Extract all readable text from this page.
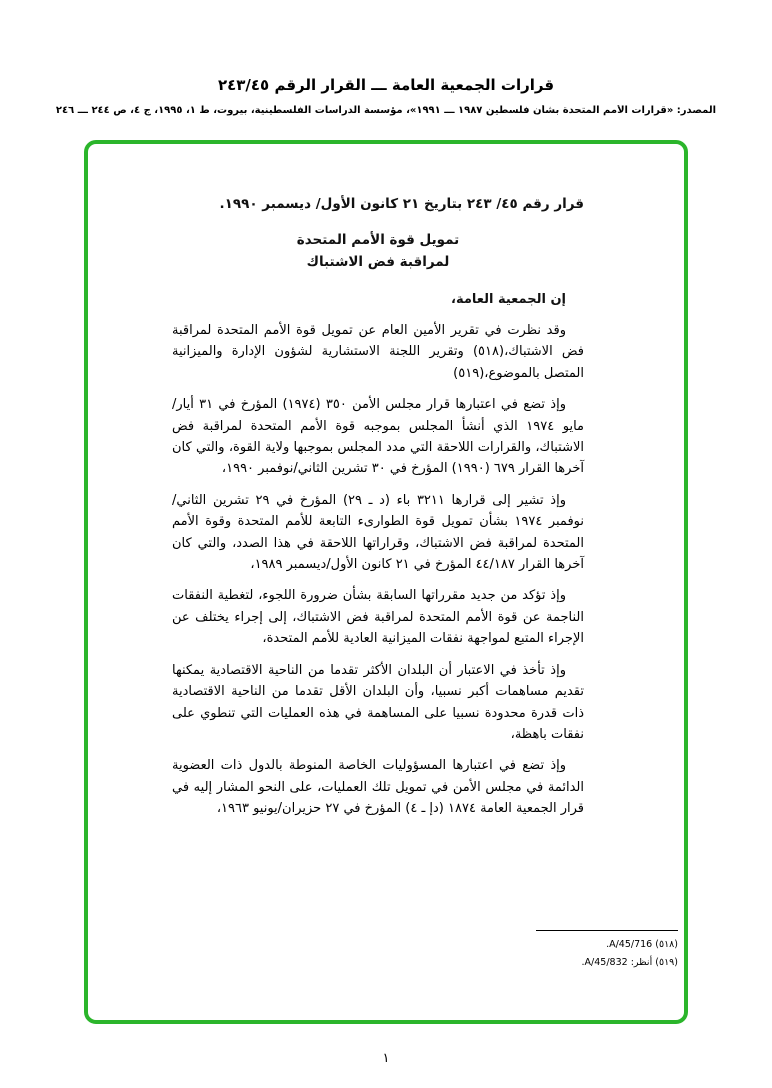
قرارات الجمعية العامة ـــ القرار الرقم ٢٤٣/٤٥
المصدر: «قرارات الأمم المتحدة بشأن فلسطين ١٩٨٧ ـــ ١٩٩١»، مؤسسة الدراسات الفلسطينية، بيروت، ط ١، ١٩٩٥، ج ٤، ص ٢٤٤ ـــ ٢٤٦

قرار رقم ٤٥/ ٢٤٣ بتاريخ ٢١ كانون الأول/ ديسمبر ١٩٩٠.

تمويل قوة الأمم المتحدة

لمراقبة فض الاشتباك

إن الجمعية العامة،

وقد نظرت في تقرير الأمين العام عن تمويل قوة الأمم المتحدة لمراقبة فض الاشتباك،(٥١٨) وتقرير اللجنة الاستشارية لشؤون الإدارة والميزانية المتصل بالموضوع،(٥١٩)

وإذ تضع في اعتبارها قرار مجلس الأمن ٣٥٠ (١٩٧٤) المؤرخ في ٣١ أيار/مايو ١٩٧٤ الذي أنشأ المجلس بموجبه قوة الأمم المتحدة لمراقبة فض الاشتباك، والقرارات اللاحقة التي مدد المجلس بموجبها ولاية القوة، والتي كان آخرها القرار ٦٧٩ (١٩٩٠) المؤرخ في ٣٠ تشرين الثاني/نوفمبر ١٩٩٠،

وإذ تشير إلى قرارها ٣٢١١ باء (د ـ ٢٩) المؤرخ في ٢٩ تشرين الثاني/نوفمبر ١٩٧٤ بشأن تمويل قوة الطوارىء التابعة للأمم المتحدة وقوة الأمم المتحدة لمراقبة فض الاشتباك، وقراراتها اللاحقة في هذا الصدد، والتي كان آخرها القرار ٤٤/١٨٧ المؤرخ في ٢١ كانون الأول/ديسمبر ١٩٨٩،

وإذ تؤكد من جديد مقرراتها السابقة بشأن ضرورة اللجوء، لتغطية النفقات الناجمة عن قوة الأمم المتحدة لمراقبة فض الاشتباك، إلى إجراء يختلف عن الإجراء المتبع لمواجهة نفقات الميزانية العادية للأمم المتحدة،

وإذ تأخذ في الاعتبار أن البلدان الأكثر تقدما من الناحية الاقتصادية يمكنها تقديم مساهمات أكبر نسبيا، وأن البلدان الأقل تقدما من الناحية الاقتصادية ذات قدرة محدودة نسبيا على المساهمة في هذه العمليات التي تنطوي على نفقات باهظة،

وإذ تضع في اعتبارها المسؤوليات الخاصة المنوطة بالدول ذات العضوية الدائمة في مجلس الأمن في تمويل تلك العمليات، على النحو المشار إليه في قرار الجمعية العامة ١٨٧٤ (دإ ـ ٤) المؤرخ في ٢٧ حزيران/يونيو ١٩٦٣،

(٥١٨) A/45/716.
(٥١٩) أنظر: A/45/832.
١
